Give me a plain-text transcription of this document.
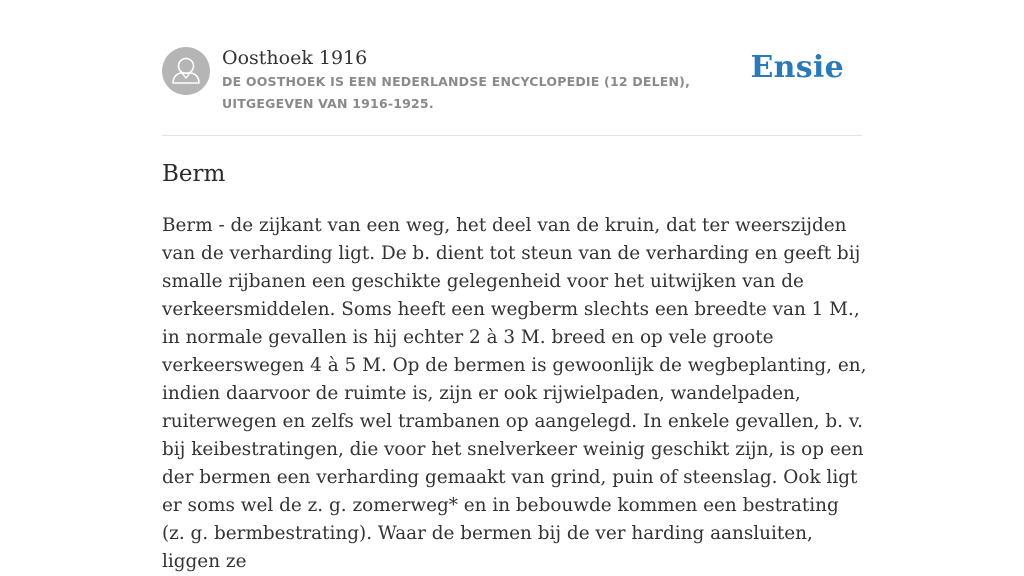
Oosthoek 1916

DE OOSTHOEK IS EEN NEDERLANDSE ENCYCLOPEDIE (12 DELEN), UITGEGEVEN VAN 1916-1925.

Ensie
Berm

Berm - de zijkant van een weg, het deel van de kruin, dat ter weerszijden van de verharding ligt. De b. dient tot steun van de verharding en geeft bij smalle rijbanen een geschikte gelegenheid voor het uitwijken van de verkeersmiddelen. Soms heeft een wegberm slechts een breedte van 1 M., in normale gevallen is hij echter 2 à 3 M. breed en op vele groote verkeerswegen 4 à 5 M. Op de bermen is gewoonlijk de wegbeplanting, en, indien daarvoor de ruimte is, zijn er ook rijwielpaden, wandelpaden, ruiterwegen en zelfs wel trambanen op aangelegd. In enkele gevallen, b. v. bij keibestratingen, die voor het snelverkeer weinig geschikt zijn, is op een der bermen een verharding gemaakt van grind, puin of steenslag. Ook ligt er soms wel de z. g. zomerweg* en in bebouwde kommen een bestrating (z. g. bermbestrating). Waar de bermen bij de ver harding aansluiten, liggen ze
